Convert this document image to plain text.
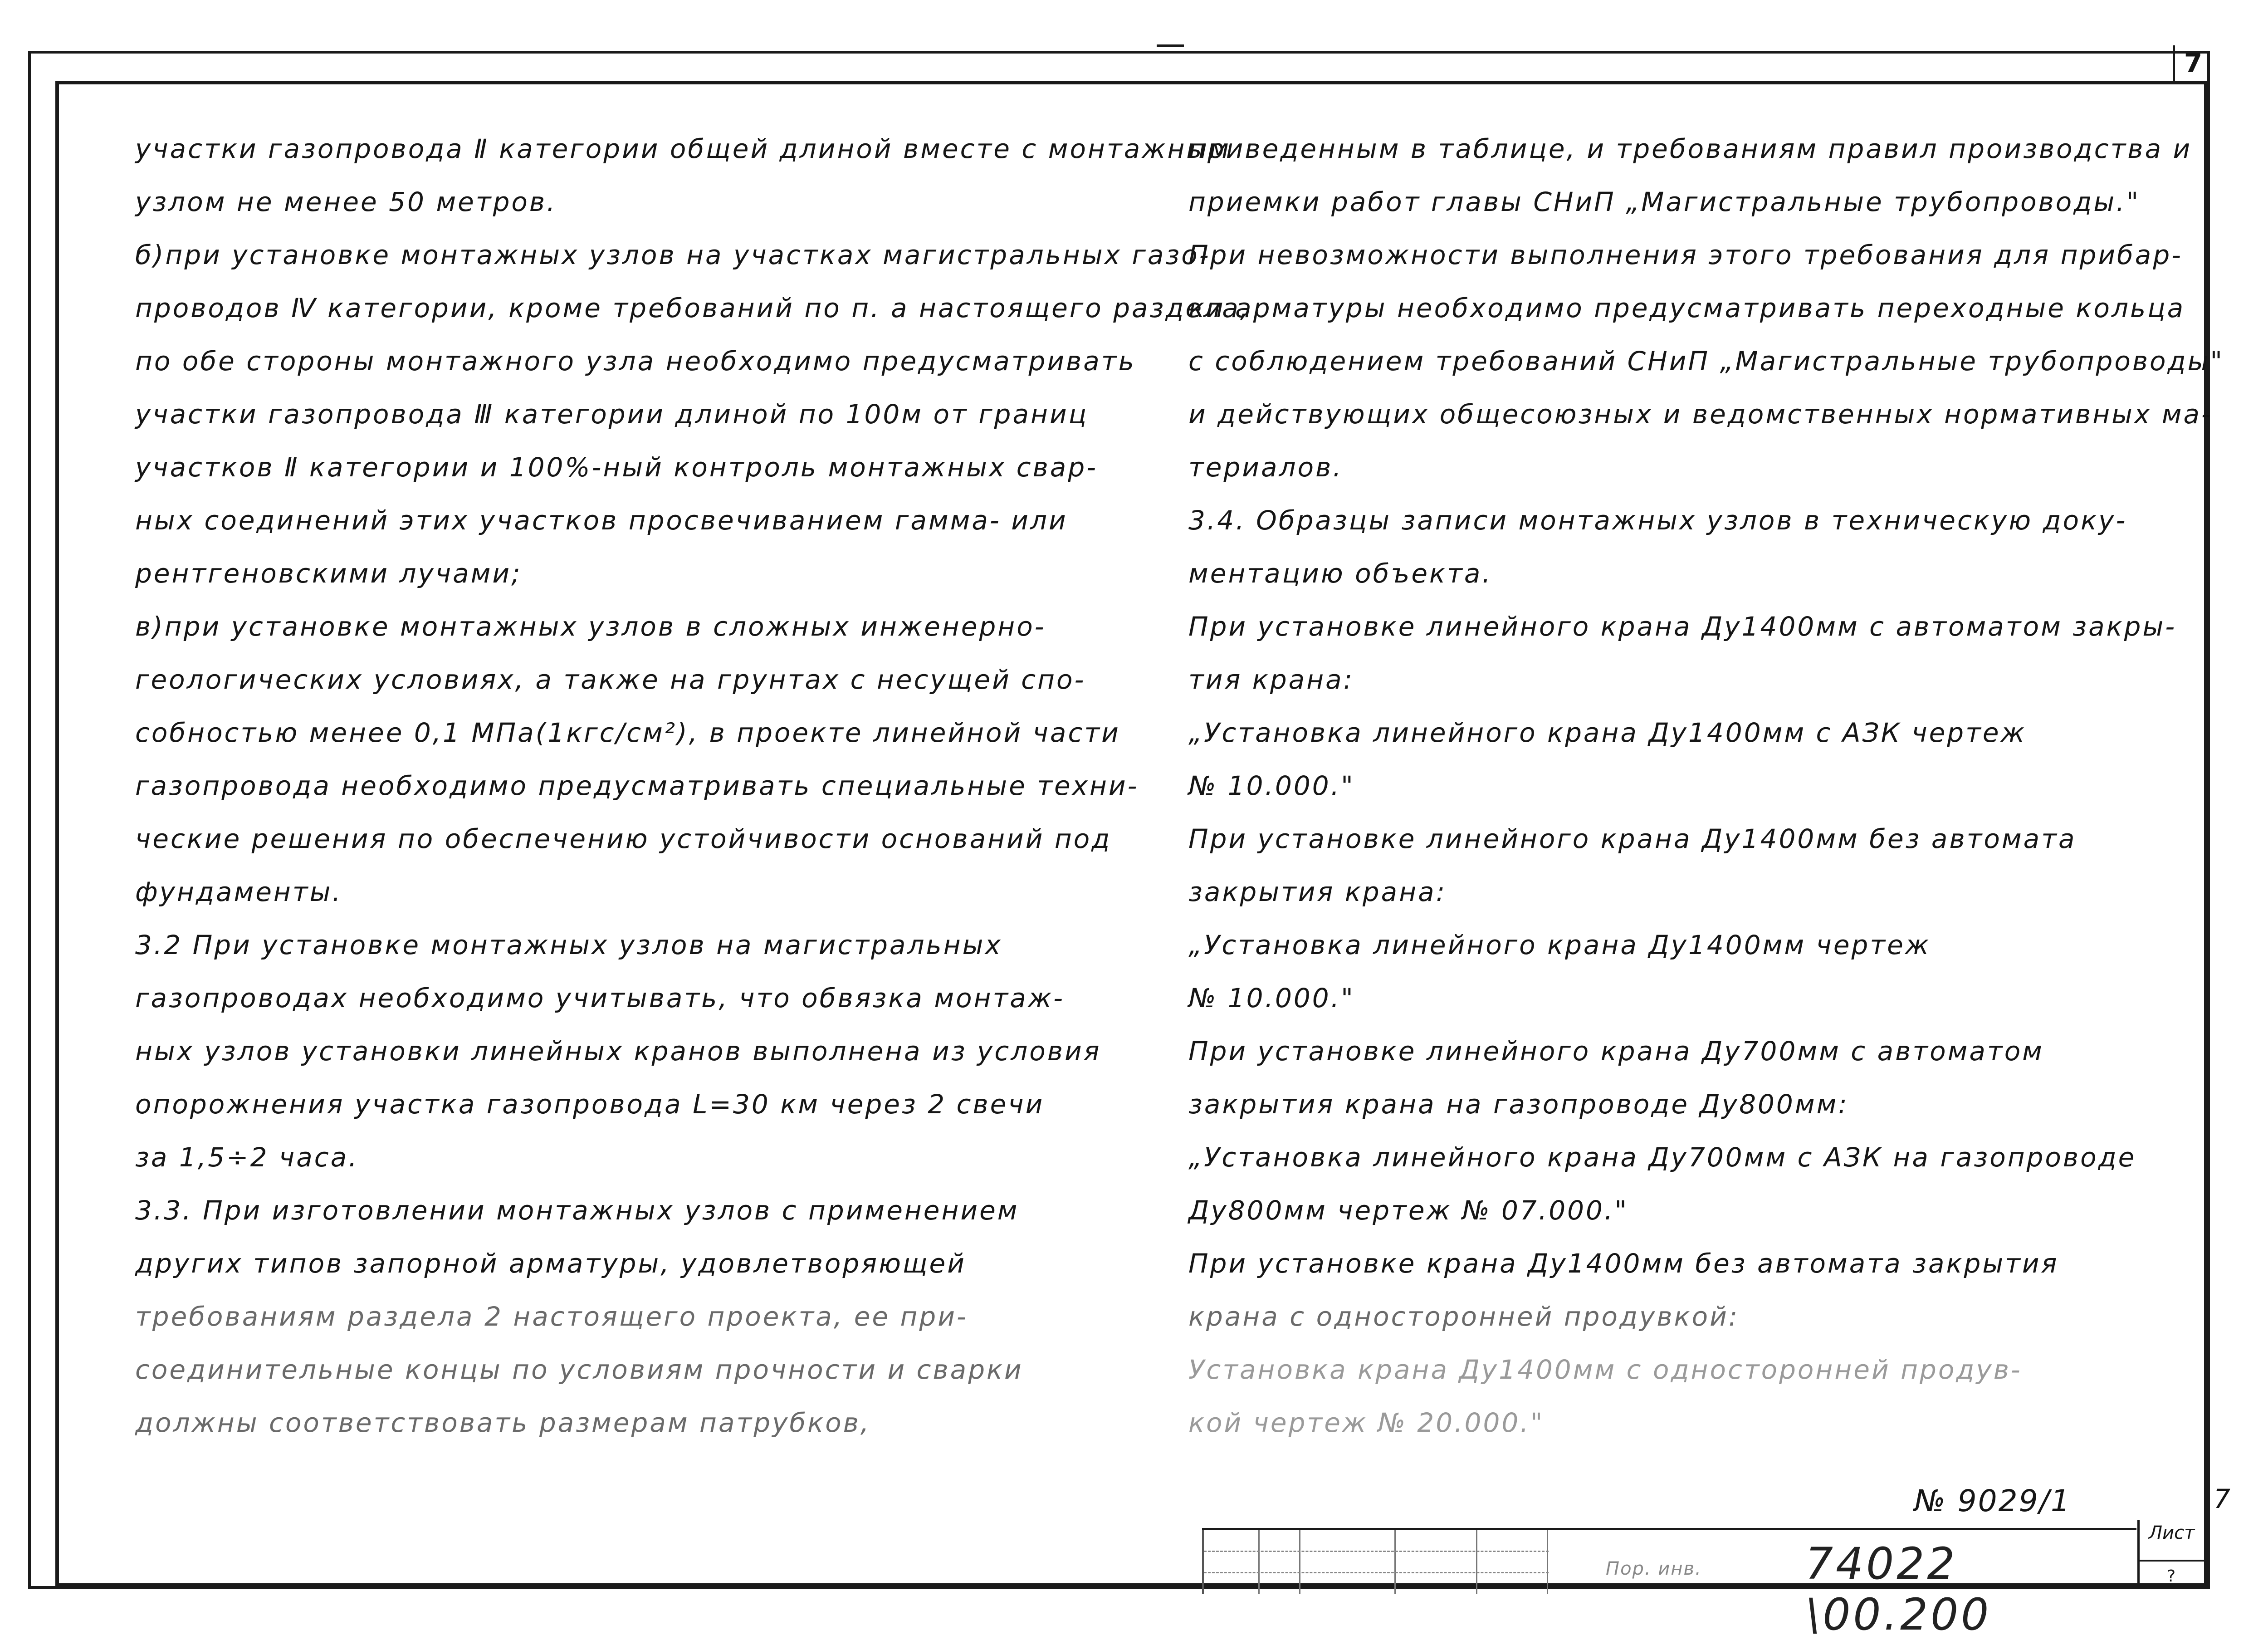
7
участки газопровода Ⅱ категории общей длиной вместе с монтажным
узлом не менее 50 метров.
б)при установке монтажных узлов на участках магистральных газо-
проводов Ⅳ категории, кроме требований по п. а настоящего раздела,
по обе стороны монтажного узла необходимо предусматривать
участки газопровода Ⅲ категории длиной по 100м от границ
участков Ⅱ категории и 100%-ный контроль монтажных свар-
ных соединений этих участков просвечиванием гамма- или
рентгеновскими лучами;
в)при установке монтажных узлов в сложных инженерно-
геологических условиях, а также на грунтах с несущей спо-
собностью менее 0,1 МПа(1кгс/см²), в проекте линейной части
газопровода необходимо предусматривать специальные техни-
ческие решения по обеспечению устойчивости оснований под
фундаменты.
3.2 При установке монтажных узлов на магистральных
газопроводах необходимо учитывать, что обвязка монтаж-
ных узлов установки линейных кранов выполнена из условия
опорожнения участка газопровода L=30 км через 2 свечи
за 1,5÷2 часа.
3.3. При изготовлении монтажных узлов с применением
других типов запорной арматуры, удовлетворяющей
требованиям раздела 2 настоящего проекта, ее при-
соединительные концы по условиям прочности и сварки
должны соответствовать размерам патрубков,
приведенным в таблице, и требованиям правил производства и
приемки работ главы СНиП „Магистральные трубопроводы."
При невозможности выполнения этого требования для прибар-
ки арматуры необходимо предусматривать переходные кольца
с соблюдением требований СНиП „Магистральные трубопроводы"
и действующих общесоюзных и ведомственных нормативных ма-
териалов.
3.4. Образцы записи монтажных узлов в техническую доку-
ментацию объекта.
При установке линейного крана Ду1400мм с автоматом закры-
тия крана:
„Установка линейного крана Ду1400мм с АЗК чертеж
№ 10.000."
При установке линейного крана Ду1400мм без автомата
закрытия крана:
„Установка линейного крана Ду1400мм чертеж
№ 10.000."
При установке линейного крана Ду700мм с автоматом
закрытия крана на газопроводе Ду800мм:
„Установка линейного крана Ду700мм с АЗК на газопроводе
Ду800мм чертеж № 07.000."
При установке крана Ду1400мм без автомата закрытия
крана с односторонней продувкой:
Установка крана Ду1400мм с односторонней продув-
кой чертеж № 20.000."
№ 9029/1	7
Пор. инв. 74022 \00.200
Лист
?
